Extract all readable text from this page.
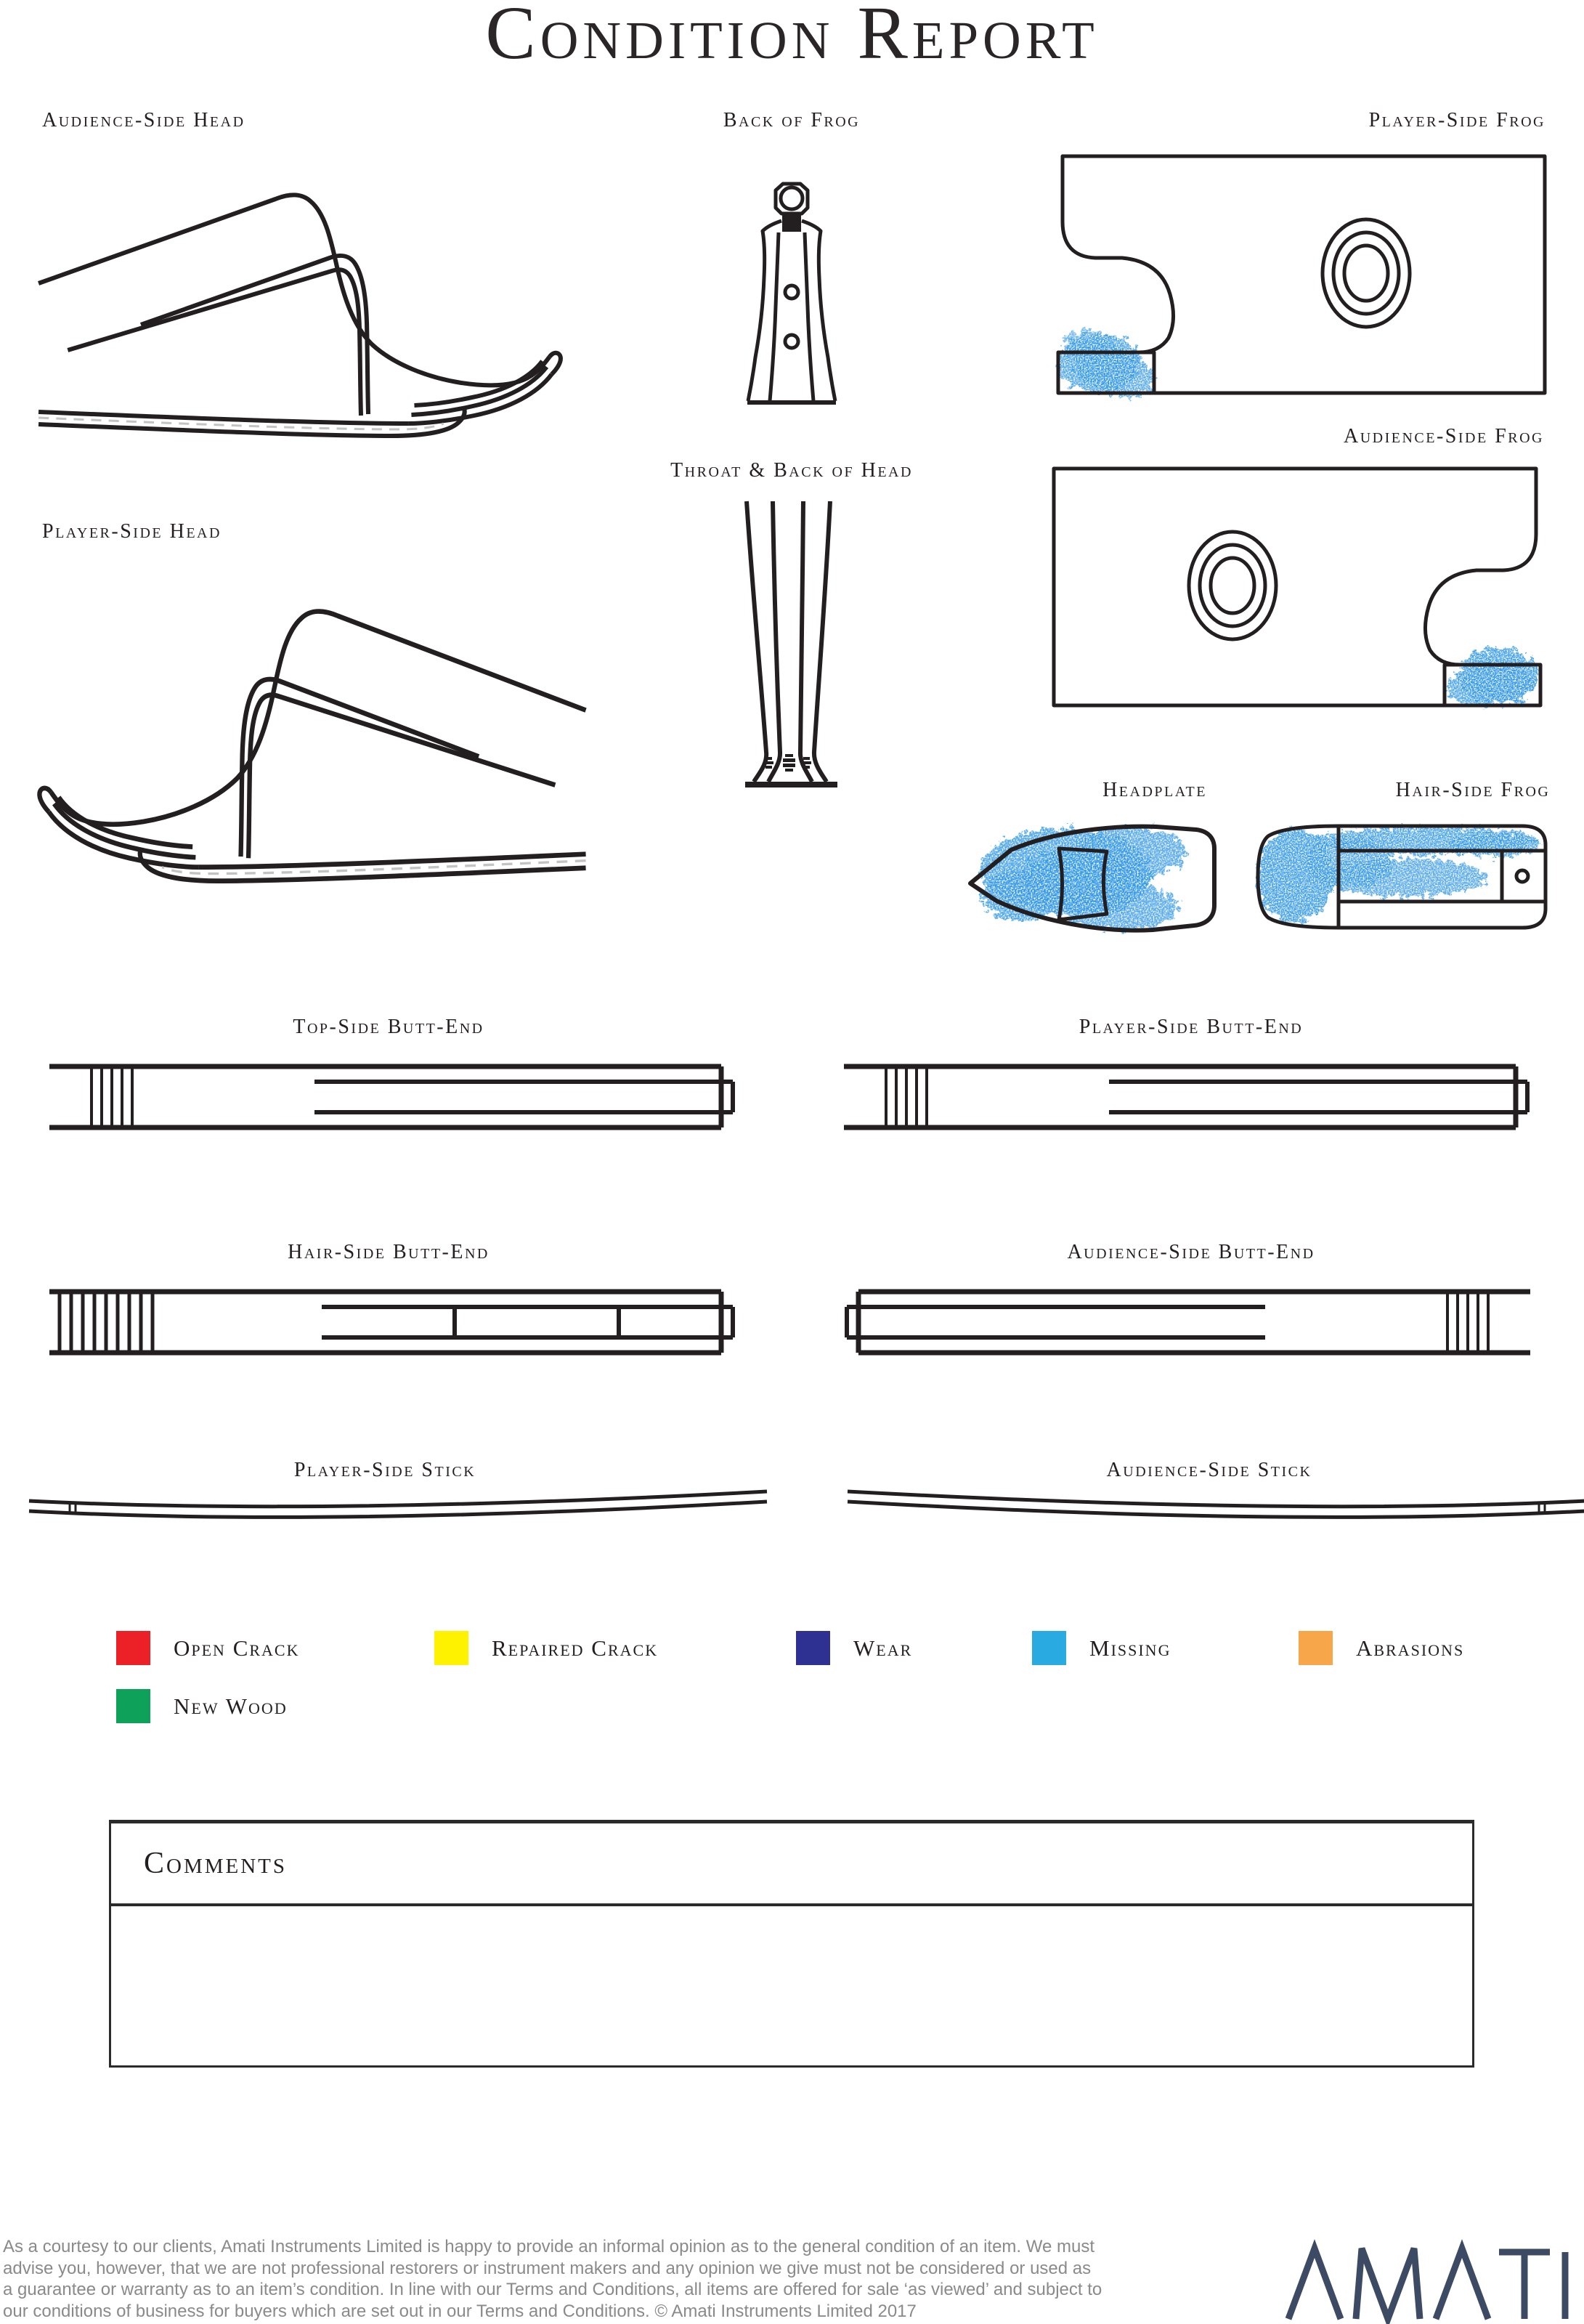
Condition Report
Audience-Side Head	Back of Frog	Player-Side Frog
Audience-Side Frog
Throat & Back of Head
Player-Side Head
Headplate	Hair-Side Frog
Top-Side Butt-End	Player-Side Butt-End
Hair-Side Butt-End	Audience-Side Butt-End
Player-Side Stick	Audience-Side Stick
Open Crack	Repaired Crack	Wear	Missing	Abrasions
New Wood
Comments
As a courtesy to our clients, Amati Instruments Limited is happy to provide an informal opinion as to the general condition of an item. We must
advise you, however, that we are not professional restorers or instrument makers and any opinion we give must not be considered or used as
a guarantee or warranty as to an item’s condition. In line with our Terms and Conditions, all items are offered for sale ‘as viewed’ and subject to
our conditions of business for buyers which are set out in our Terms and Conditions. © Amati Instruments Limited 2017
